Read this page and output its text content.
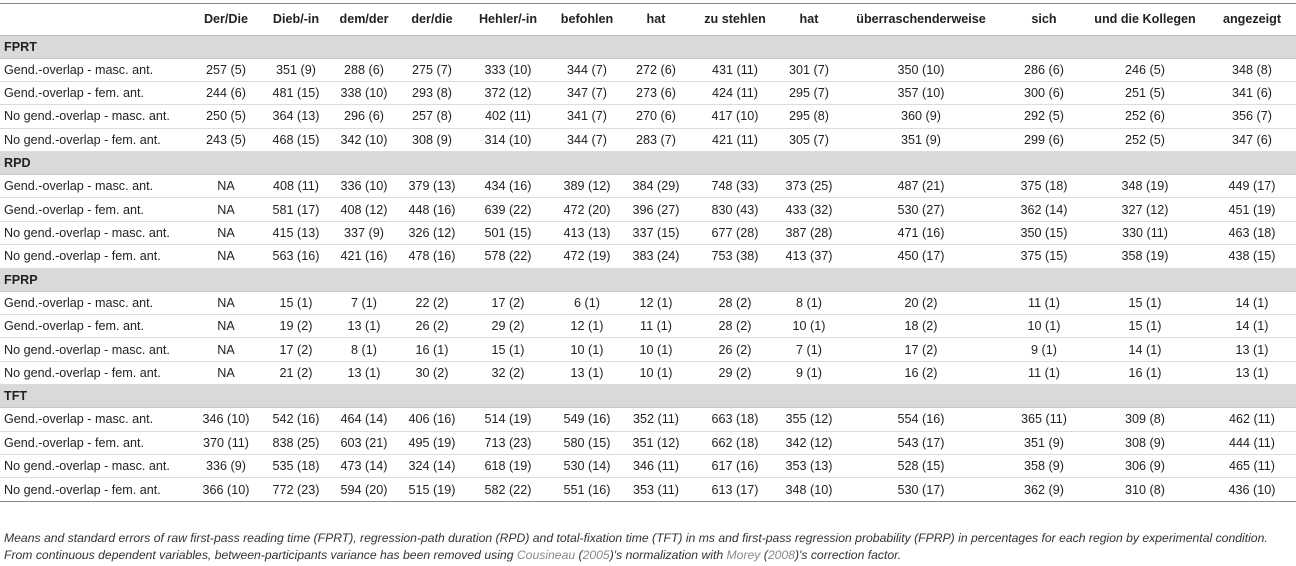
	Der/Die	Dieb/-in	dem/der	der/die	Hehler/-in	befohlen	hat	zu stehlen	hat	überraschenderweise	sich	und die Kollegen	angezeigt
FPRT													
Gend.-overlap - masc. ant.	257 (5)	351 (9)	288 (6)	275 (7)	333 (10)	344 (7)	272 (6)	431 (11)	301 (7)	350 (10)	286 (6)	246 (5)	348 (8)
Gend.-overlap - fem. ant.	244 (6)	481 (15)	338 (10)	293 (8)	372 (12)	347 (7)	273 (6)	424 (11)	295 (7)	357 (10)	300 (6)	251 (5)	341 (6)
No gend.-overlap - masc. ant.	250 (5)	364 (13)	296 (6)	257 (8)	402 (11)	341 (7)	270 (6)	417 (10)	295 (8)	360 (9)	292 (5)	252 (6)	356 (7)
No gend.-overlap - fem. ant.	243 (5)	468 (15)	342 (10)	308 (9)	314 (10)	344 (7)	283 (7)	421 (11)	305 (7)	351 (9)	299 (6)	252 (5)	347 (6)
RPD													
Gend.-overlap - masc. ant.	NA	408 (11)	336 (10)	379 (13)	434 (16)	389 (12)	384 (29)	748 (33)	373 (25)	487 (21)	375 (18)	348 (19)	449 (17)
Gend.-overlap - fem. ant.	NA	581 (17)	408 (12)	448 (16)	639 (22)	472 (20)	396 (27)	830 (43)	433 (32)	530 (27)	362 (14)	327 (12)	451 (19)
No gend.-overlap - masc. ant.	NA	415 (13)	337 (9)	326 (12)	501 (15)	413 (13)	337 (15)	677 (28)	387 (28)	471 (16)	350 (15)	330 (11)	463 (18)
No gend.-overlap - fem. ant.	NA	563 (16)	421 (16)	478 (16)	578 (22)	472 (19)	383 (24)	753 (38)	413 (37)	450 (17)	375 (15)	358 (19)	438 (15)
FPRP													
Gend.-overlap - masc. ant.	NA	15 (1)	7 (1)	22 (2)	17 (2)	6 (1)	12 (1)	28 (2)	8 (1)	20 (2)	11 (1)	15 (1)	14 (1)
Gend.-overlap - fem. ant.	NA	19 (2)	13 (1)	26 (2)	29 (2)	12 (1)	11 (1)	28 (2)	10 (1)	18 (2)	10 (1)	15 (1)	14 (1)
No gend.-overlap - masc. ant.	NA	17 (2)	8 (1)	16 (1)	15 (1)	10 (1)	10 (1)	26 (2)	7 (1)	17 (2)	9 (1)	14 (1)	13 (1)
No gend.-overlap - fem. ant.	NA	21 (2)	13 (1)	30 (2)	32 (2)	13 (1)	10 (1)	29 (2)	9 (1)	16 (2)	11 (1)	16 (1)	13 (1)
TFT													
Gend.-overlap - masc. ant.	346 (10)	542 (16)	464 (14)	406 (16)	514 (19)	549 (16)	352 (11)	663 (18)	355 (12)	554 (16)	365 (11)	309 (8)	462 (11)
Gend.-overlap - fem. ant.	370 (11)	838 (25)	603 (21)	495 (19)	713 (23)	580 (15)	351 (12)	662 (18)	342 (12)	543 (17)	351 (9)	308 (9)	444 (11)
No gend.-overlap - masc. ant.	336 (9)	535 (18)	473 (14)	324 (14)	618 (19)	530 (14)	346 (11)	617 (16)	353 (13)	528 (15)	358 (9)	306 (9)	465 (11)
No gend.-overlap - fem. ant.	366 (10)	772 (23)	594 (20)	515 (19)	582 (22)	551 (16)	353 (11)	613 (17)	348 (10)	530 (17)	362 (9)	310 (8)	436 (10)
Means and standard errors of raw first-pass reading time (FPRT), regression-path duration (RPD) and total-fixation time (TFT) in ms and first-pass regression probability (FPRP) in percentages for each region by experimental condition.
From continuous dependent variables, between-participants variance has been removed using Cousineau (2005)'s normalization with Morey (2008)'s correction factor.
